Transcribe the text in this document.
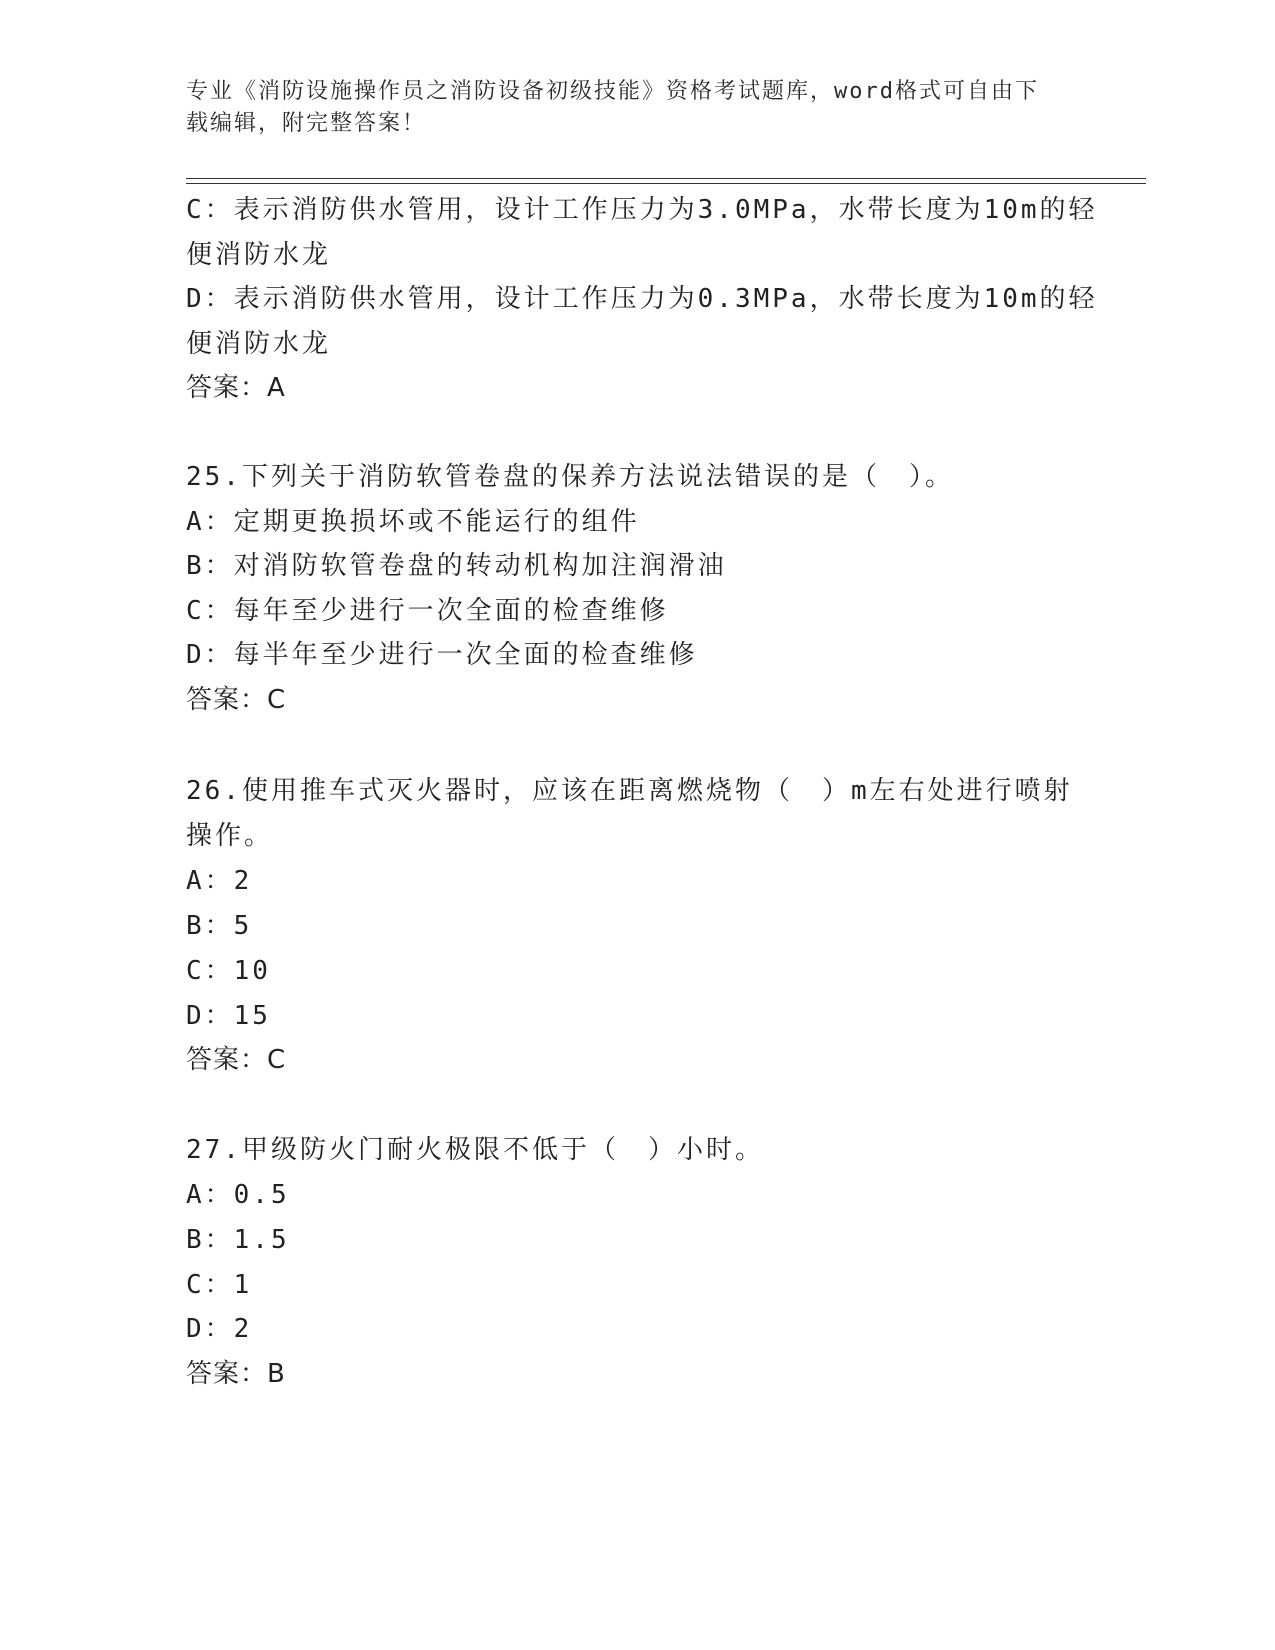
专业《消防设施操作员之消防设备初级技能》资格考试题库，word格式可自由下
载编辑，附完整答案！
C：表示消防供水管用，设计工作压力为3.0MPa，水带长度为10m的轻
便消防水龙
D：表示消防供水管用，设计工作压力为0.3MPa，水带长度为10m的轻
便消防水龙
答案：A
25.下列关于消防软管卷盘的保养方法说法错误的是（　）。
A：定期更换损坏或不能运行的组件
B：对消防软管卷盘的转动机构加注润滑油
C：每年至少进行一次全面的检查维修
D：每半年至少进行一次全面的检查维修
答案：C
26.使用推车式灭火器时，应该在距离燃烧物（　）m左右处进行喷射
操作。
A：2
B：5
C：10
D：15
答案：C
27.甲级防火门耐火极限不低于（　）小时。
A：0.5
B：1.5
C：1
D：2
答案：B
